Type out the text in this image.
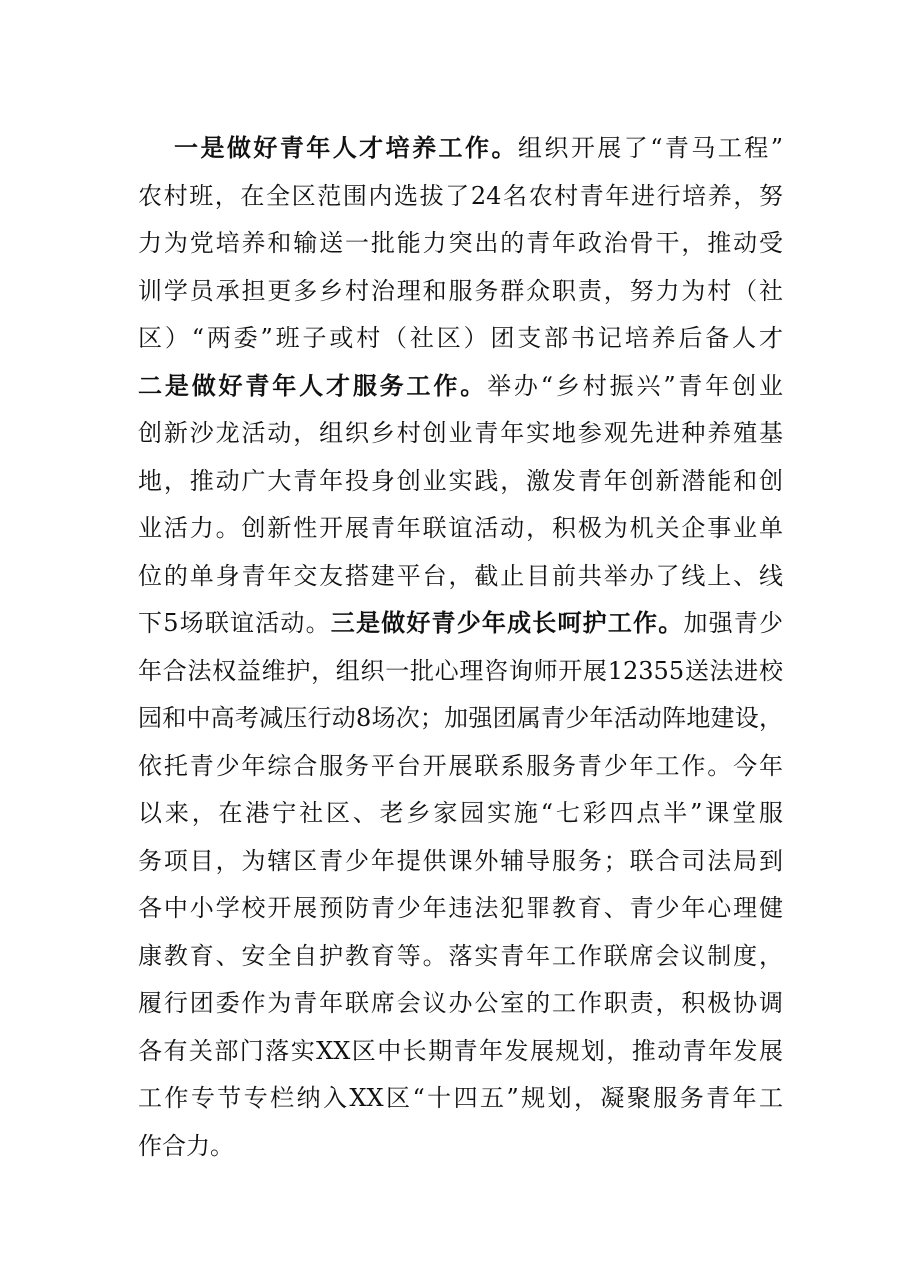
一是做好青年人才培养工作。组织开展了“青马工程”
农村班，在全区范围内选拔了24名农村青年进行培养，努
力为党培养和输送一批能力突出的青年政治骨干，推动受
训学员承担更多乡村治理和服务群众职责，努力为村（社
区）“两委”班子或村（社区）团支部书记培养后备人才
二是做好青年人才服务工作。举办“乡村振兴”青年创业
创新沙龙活动，组织乡村创业青年实地参观先进种养殖基
地，推动广大青年投身创业实践，激发青年创新潜能和创
业活力。创新性开展青年联谊活动，积极为机关企事业单
位的单身青年交友搭建平台，截止目前共举办了线上、线
下5场联谊活动。三是做好青少年成长呵护工作。加强青少
年合法权益维护，组织一批心理咨询师开展12355送法进校
园和中高考减压行动8场次；加强团属青少年活动阵地建设，
依托青少年综合服务平台开展联系服务青少年工作。今年
以来，在港宁社区、老乡家园实施“七彩四点半”课堂服
务项目，为辖区青少年提供课外辅导服务；联合司法局到
各中小学校开展预防青少年违法犯罪教育、青少年心理健
康教育、安全自护教育等。落实青年工作联席会议制度，
履行团委作为青年联席会议办公室的工作职责，积极协调
各有关部门落实XX区中长期青年发展规划，推动青年发展
工作专节专栏纳入XX区“十四五”规划，凝聚服务青年工
作合力。
